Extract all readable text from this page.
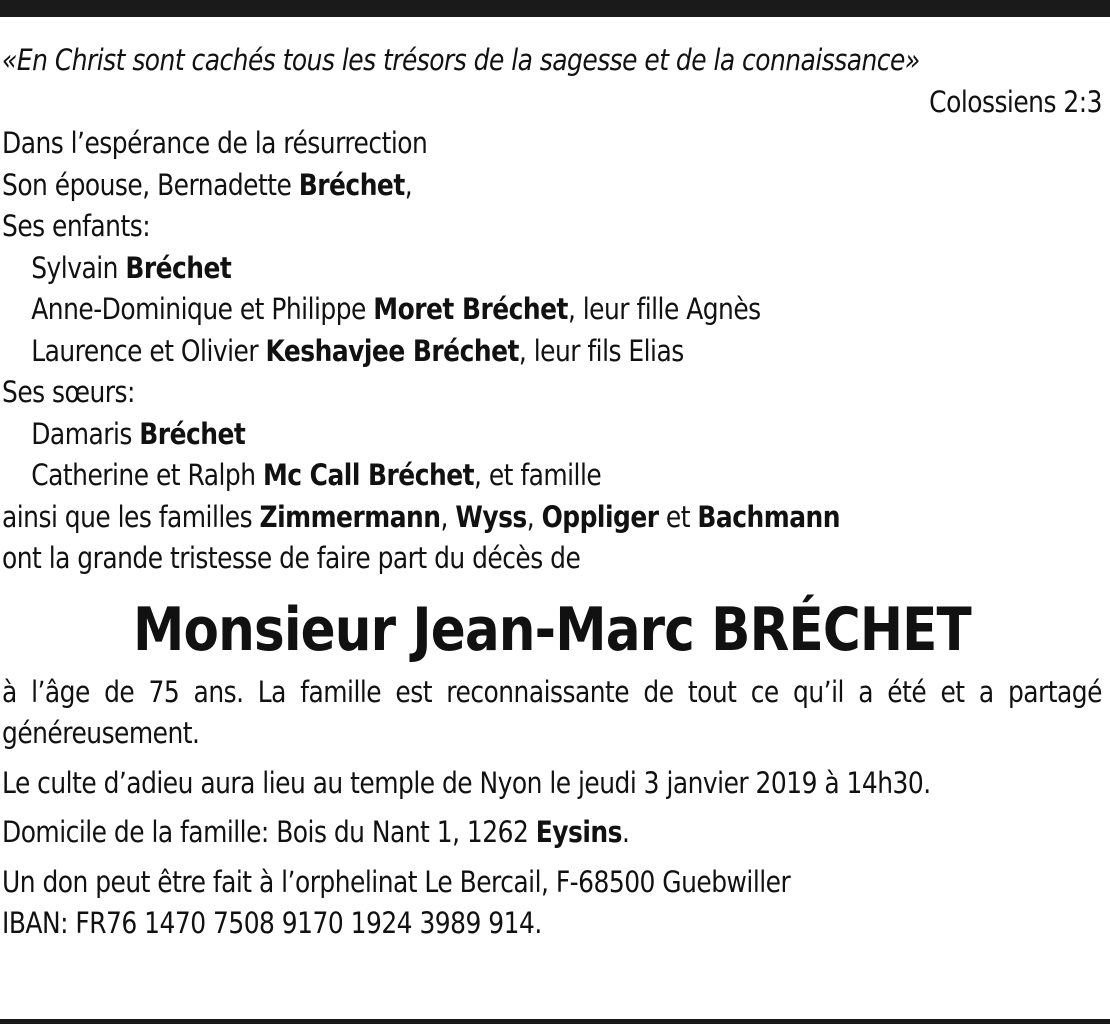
«En Christ sont cachés tous les trésors de la sagesse et de la connaissance»
Colossiens 2:3
Dans l’espérance de la résurrection
Son épouse, Bernadette Bréchet,
Ses enfants:
Sylvain Bréchet
Anne-Dominique et Philippe Moret Bréchet, leur fille Agnès
Laurence et Olivier Keshavjee Bréchet, leur fils Elias
Ses sœurs:
Damaris Bréchet
Catherine et Ralph Mc Call Bréchet, et famille
ainsi que les familles Zimmermann, Wyss, Oppliger et Bachmann
ont la grande tristesse de faire part du décès de
Monsieur Jean-Marc BRÉCHET
à l’âge de 75 ans. La famille est reconnaissante de tout ce qu’il a été et a partagé généreusement.
Le culte d’adieu aura lieu au temple de Nyon le jeudi 3 janvier 2019 à 14h30.
Domicile de la famille: Bois du Nant 1, 1262 Eysins.
Un don peut être fait à l’orphelinat Le Bercail, F-68500 Guebwiller
IBAN: FR76 1470 7508 9170 1924 3989 914.
